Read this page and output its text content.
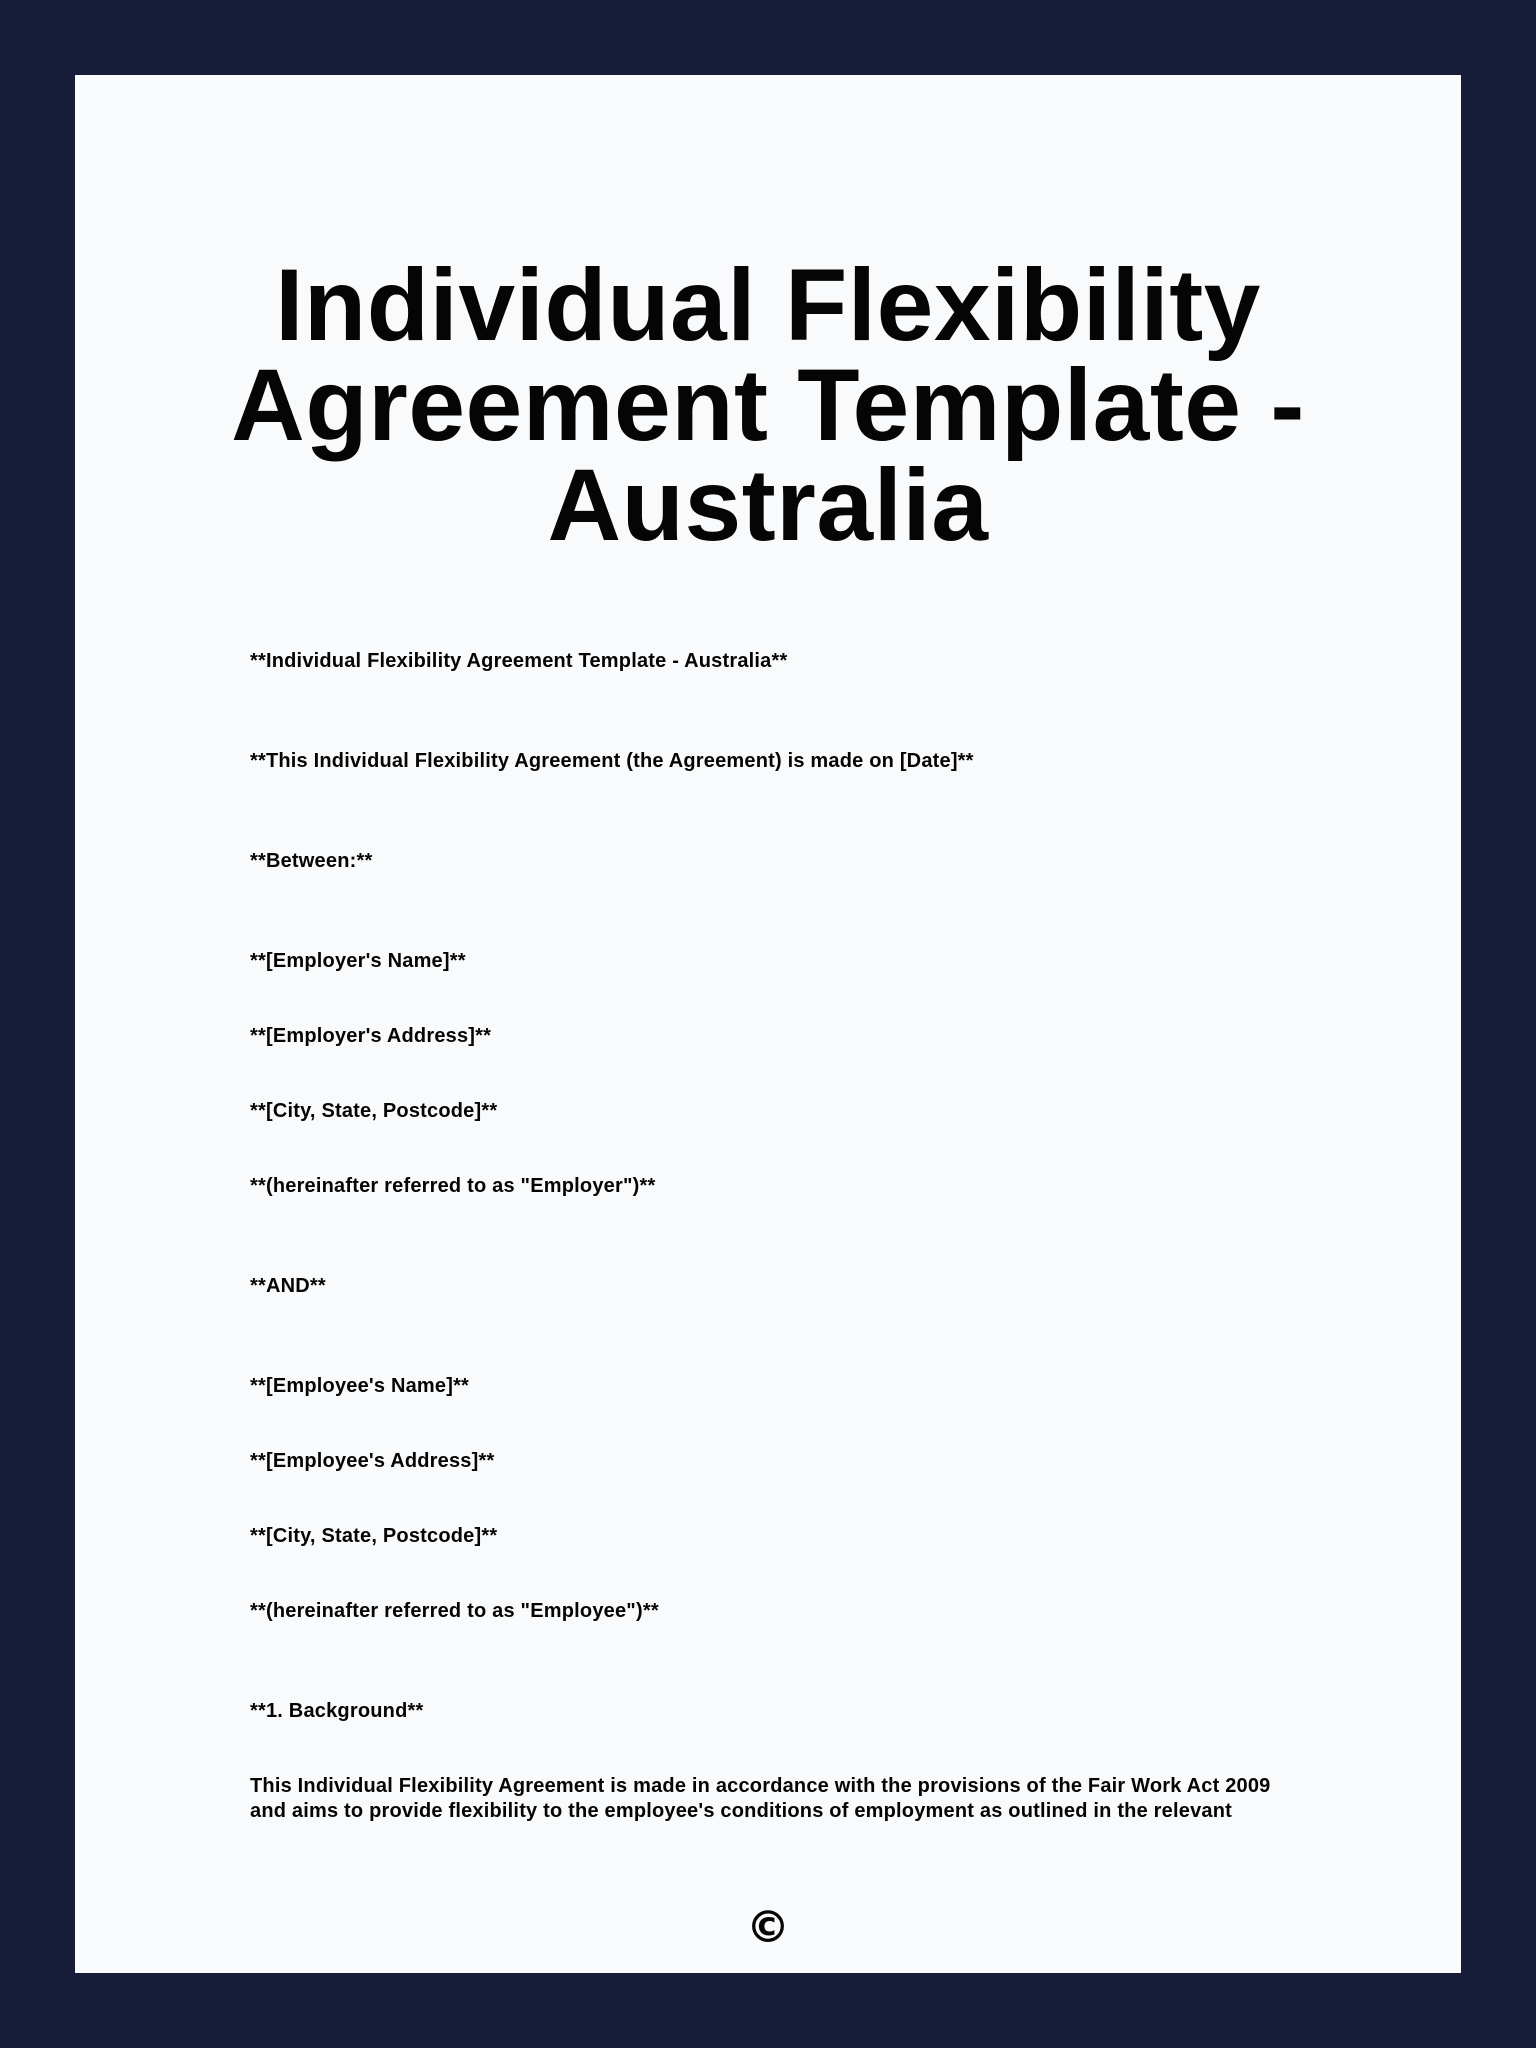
Individual Flexibility
Agreement Template -
Australia

**Individual Flexibility Agreement Template - Australia**

**This Individual Flexibility Agreement (the Agreement) is made on [Date]**

**Between:**

**[Employer's Name]**

**[Employer's Address]**

**[City, State, Postcode]**

**(hereinafter referred to as "Employer")**

**AND**

**[Employee's Name]**

**[Employee's Address]**

**[City, State, Postcode]**

**(hereinafter referred to as "Employee")**

**1. Background**

This Individual Flexibility Agreement is made in accordance with the provisions of the Fair Work Act 2009

and aims to provide flexibility to the employee's conditions of employment as outlined in the relevant

©
